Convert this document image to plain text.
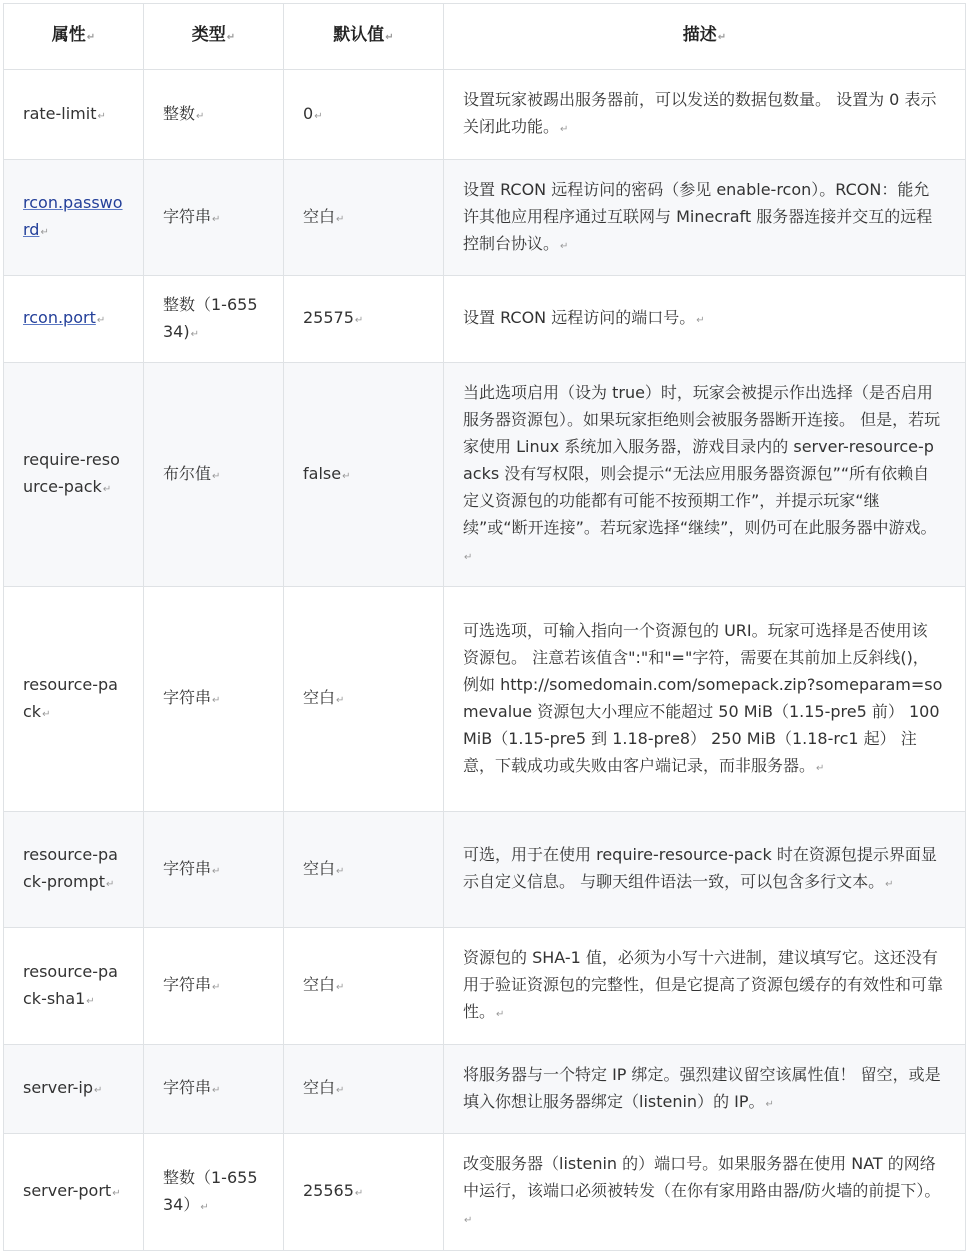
属性↵	类型↵	默认值↵	描述↵
rate-limit↵	整数↵	0↵	设置玩家被踢出服务器前，可以发送的数据包数量。 设置为 0 表示关闭此功能。↵
rcon.password↵	字符串↵	空白↵	设置 RCON 远程访问的密码（参见 enable-rcon）。RCON：能允许其他应用程序通过互联网与 Minecraft 服务器连接并交互的远程控制台协议。↵
rcon.port↵	整数（1-65534)↵	25575↵	设置 RCON 远程访问的端口号。↵
require-resource-pack↵	布尔值↵	false↵	当此选项启用（设为 true）时，玩家会被提示作出选择（是否启用服务器资源包）。如果玩家拒绝则会被服务器断开连接。 但是，若玩家使用 Linux 系统加入服务器，游戏目录内的 server-resource-packs 没有写权限，则会提示“无法应用服务器资源包”“所有依赖自定义资源包的功能都有可能不按预期工作”，并提示玩家“继续”或“断开连接”。若玩家选择“继续”，则仍可在此服务器中游戏。↵
resource-pack↵	字符串↵	空白↵	可选选项，可输入指向一个资源包的 URI。玩家可选择是否使用该资源包。 注意若该值含":"和"="字符，需要在其前加上反斜线()，例如 http://somedomain.com/somepack.zip?someparam=somevalue 资源包大小理应不能超过 50 MiB（1.15-pre5 前） 100 MiB（1.15-pre5 到 1.18-pre8） 250 MiB（1.18-rc1 起） 注意，下载成功或失败由客户端记录，而非服务器。↵
resource-pack-prompt↵	字符串↵	空白↵	可选，用于在使用 require-resource-pack 时在资源包提示界面显示自定义信息。 与聊天组件语法一致，可以包含多行文本。↵
resource-pack-sha1↵	字符串↵	空白↵	资源包的 SHA-1 值，必须为小写十六进制，建议填写它。这还没有用于验证资源包的完整性，但是它提高了资源包缓存的有效性和可靠性。↵
server-ip↵	字符串↵	空白↵	将服务器与一个特定 IP 绑定。强烈建议留空该属性值！ 留空，或是填入你想让服务器绑定（listenin）的 IP。↵
server-port↵	整数（1-65534）↵	25565↵	改变服务器（listenin 的）端口号。如果服务器在使用 NAT 的网络中运行，该端口必须被转发（在你有家用路由器/防火墙的前提下）。↵
